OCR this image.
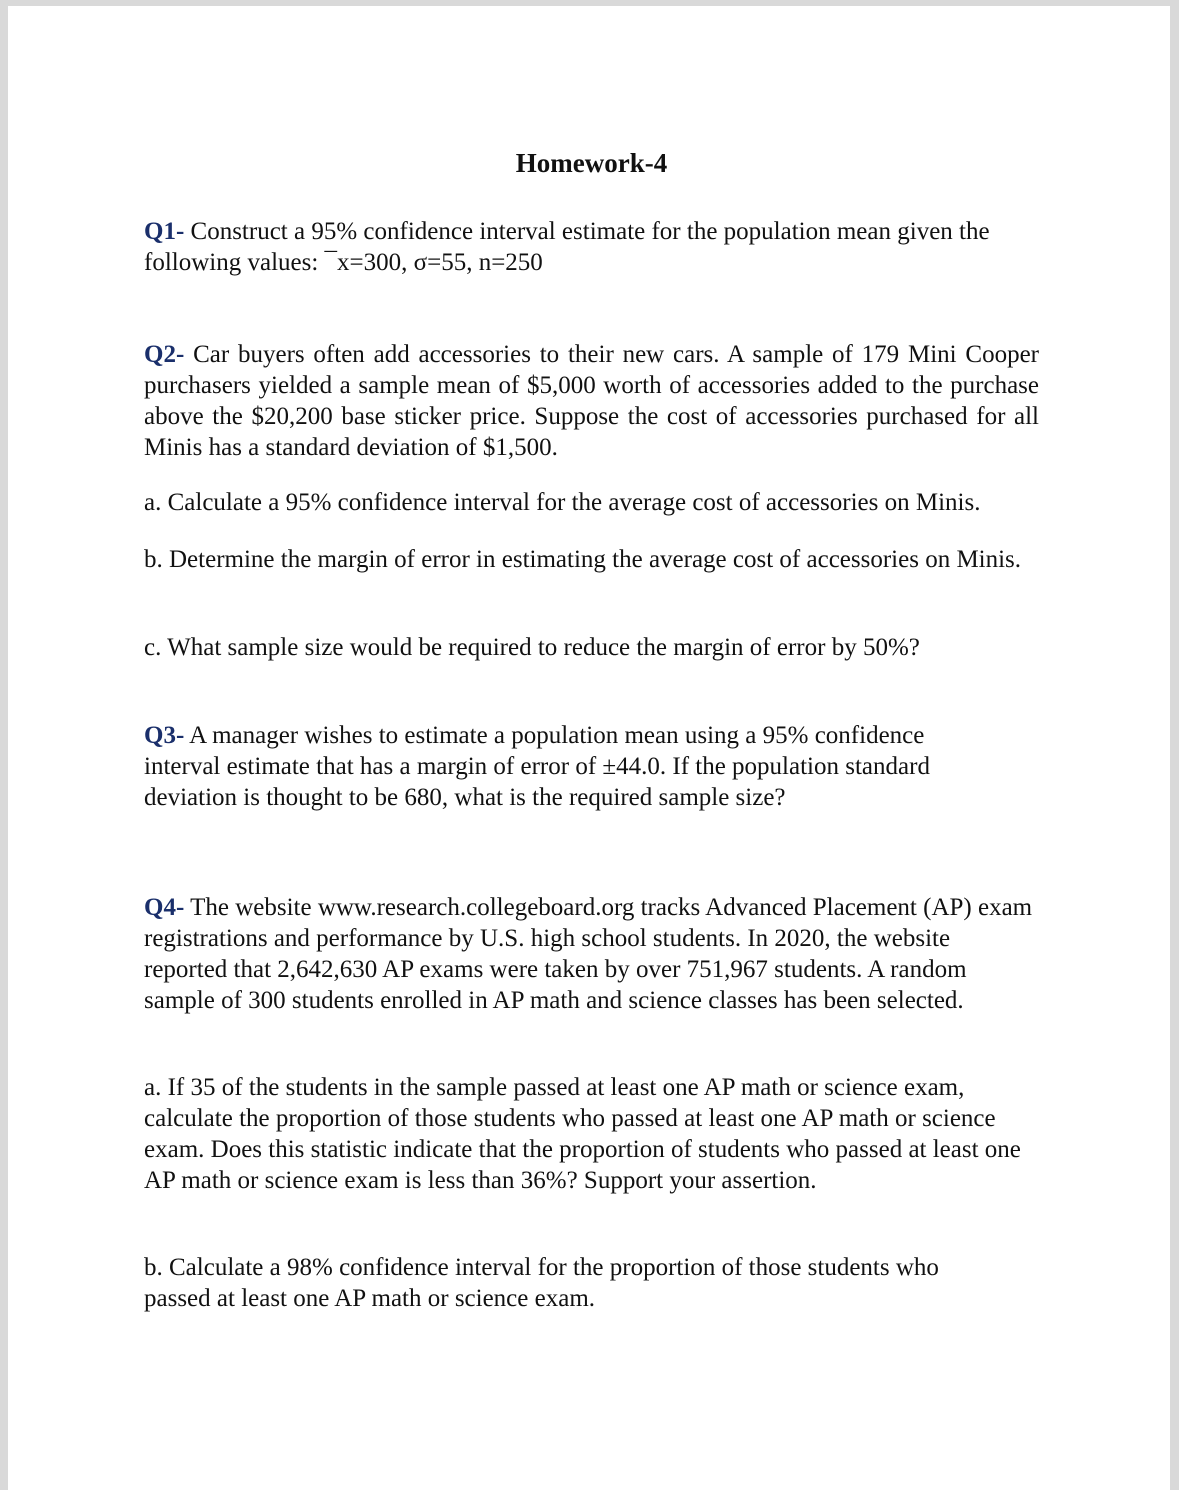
Homework-4

Q1- Construct a 95% confidence interval estimate for the population mean given the following values: ¯x=300, σ=55, n=250

Q2- Car buyers often add accessories to their new cars. A sample of 179 Mini Cooper purchasers yielded a sample mean of $5,000 worth of accessories added to the purchase above the $20,200 base sticker price. Suppose the cost of accessories purchased for all Minis has a standard deviation of $1,500.

a. Calculate a 95% confidence interval for the average cost of accessories on Minis.

b. Determine the margin of error in estimating the average cost of accessories on Minis.

c. What sample size would be required to reduce the margin of error by 50%?

Q3- A manager wishes to estimate a population mean using a 95% confidence interval estimate that has a margin of error of ±44.0. If the population standard deviation is thought to be 680, what is the required sample size?

Q4- The website www.research.collegeboard.org tracks Advanced Placement (AP) exam registrations and performance by U.S. high school students. In 2020, the website reported that 2,642,630 AP exams were taken by over 751,967 students. A random sample of 300 students enrolled in AP math and science classes has been selected.

a. If 35 of the students in the sample passed at least one AP math or science exam, calculate the proportion of those students who passed at least one AP math or science exam. Does this statistic indicate that the proportion of students who passed at least one AP math or science exam is less than 36%? Support your assertion.

b. Calculate a 98% confidence interval for the proportion of those students who passed at least one AP math or science exam.
